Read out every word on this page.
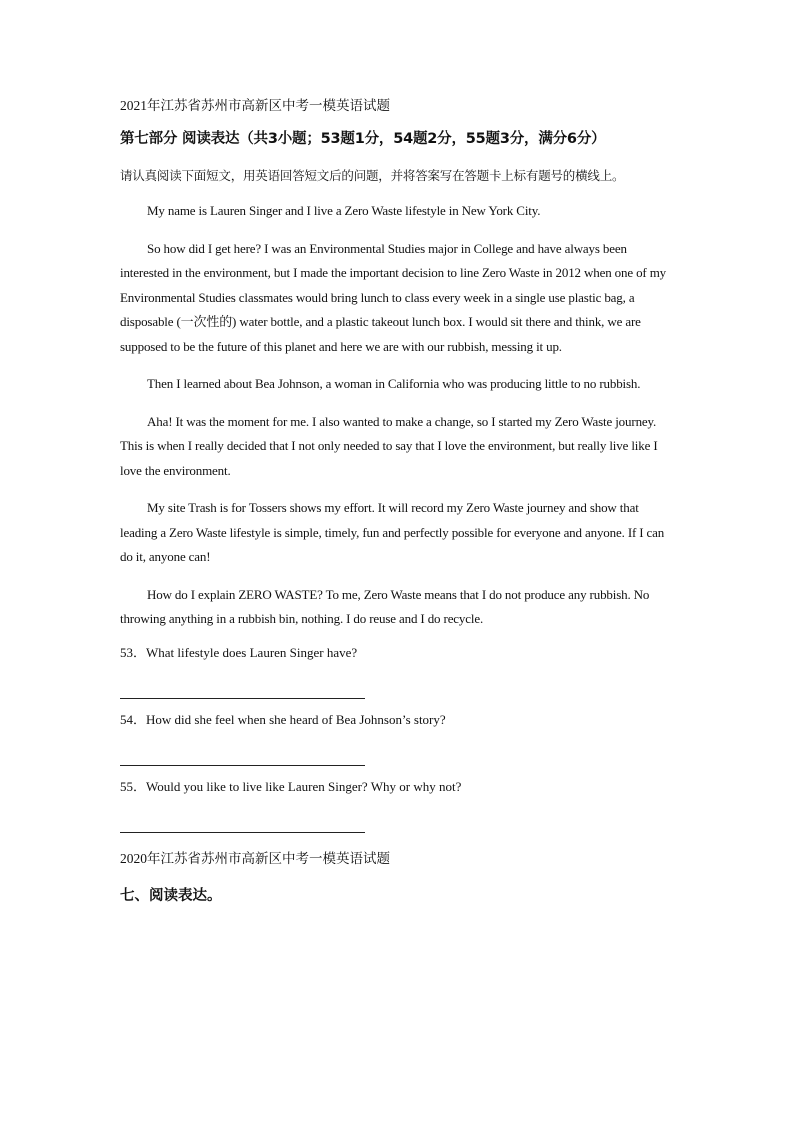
2021年江苏省苏州市高新区中考一模英语试题

第七部分 阅读表达（共3小题；53题1分，54题2分，55题3分，满分6分）

请认真阅读下面短文，用英语回答短文后的问题，并将答案写在答题卡上标有题号的横线上。

My name is Lauren Singer and I live a Zero Waste lifestyle in New York City.

So how did I get here? I was an Environmental Studies major in College and have always been interested in the environment, but I made the important decision to line Zero Waste in 2012 when one of my Environmental Studies classmates would bring lunch to class every week in a single use plastic bag, a disposable (一次性的) water bottle, and a plastic takeout lunch box. I would sit there and think, we are supposed to be the future of this planet and here we are with our rubbish, messing it up.

Then I learned about Bea Johnson, a woman in California who was producing little to no rubbish.

Aha! It was the moment for me. I also wanted to make a change, so I started my Zero Waste journey. This is when I really decided that I not only needed to say that I love the environment, but really live like I love the environment.

My site Trash is for Tossers shows my effort. It will record my Zero Waste journey and show that leading a Zero Waste lifestyle is simple, timely, fun and perfectly possible for everyone and anyone. If I can do it, anyone can!

How do I explain ZERO WASTE? To me, Zero Waste means that I do not produce any rubbish. No throwing anything in a rubbish bin, nothing. I do reuse and I do recycle.

53．What lifestyle does Lauren Singer have?

54．How did she feel when she heard of Bea Johnson’s story?

55．Would you like to live like Lauren Singer? Why or why not?

2020年江苏省苏州市高新区中考一模英语试题

七、阅读表达。
